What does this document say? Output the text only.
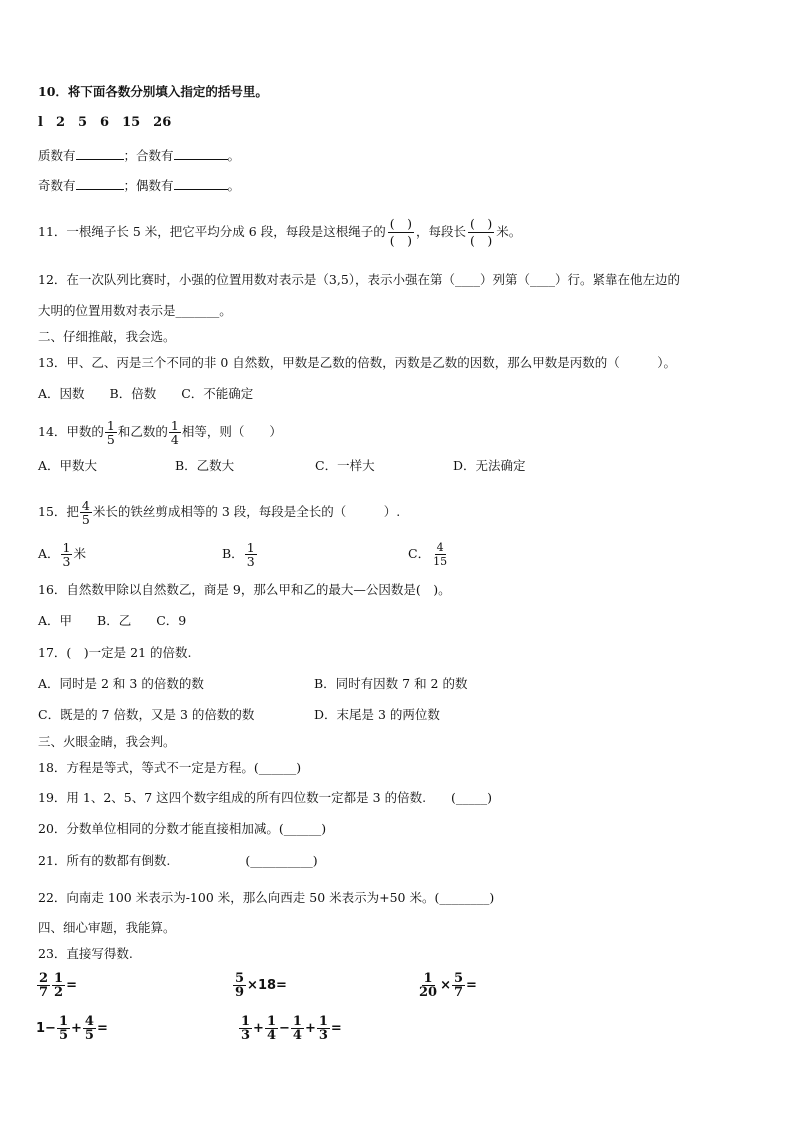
10．将下面各数分别填入指定的括号里。
l　2　5　6　15　26
质数有	；合数有	。
奇数有	；偶数有	。
11．一根绳子长 5 米，把它平均分成 6 段，每段是这根绳子的
(　)
(　)
，每段长
(　)
(　)
米。
12．在一次队列比赛时，小强的位置用数对表示是（3,5），表示小强在第（____）列第（____）行。紧靠在他左边的
大明的位置用数对表示是_______。
二、仔细推敲，我会选。
13．甲、乙、丙是三个不同的非 0 自然数，甲数是乙数的倍数，丙数是乙数的因数，那么甲数是丙数的（　　　）。
A．因数　　B．倍数　　C．不能确定
14．甲数的 $\frac{1}{5}$ 和乙数的 $\frac{1}{4}$ 相等，则（　　）
A．甲数大	B．乙数大	C．一样大	D．无法确定
15．把 $\frac{4}{5}$ 米长的铁丝剪成相等的 3 段，每段是全长的（　　　）.
A． $\frac{1}{3}$ 米	B． $\frac{1}{3}$	C． $\frac{4}{15}$
16．自然数甲除以自然数乙，商是 9，那么甲和乙的最大—公因数是(　)。
A．甲　　B．乙　　C．9
17．(　)一定是 21 的倍数.
A．同时是 2 和 3 的倍数的数	B．同时有因数 7 和 2 的数
C．既是的 7 倍数，又是 3 的倍数的数	D．末尾是 3 的两位数
三、火眼金睛，我会判。
18．方程是等式，等式不一定是方程。(______)
19．用 1、2、5、7 这四个数字组成的所有四位数一定都是 3 的倍数.　　(_____)
20．分数单位相同的分数才能直接相加减。(______)
21．所有的数都有倒数.　　　　　　(__________)
22．向南走 100 米表示为-100 米，那么向西走 50 米表示为+50 米。(________)
四、细心审题，我能算。
23．直接写得数.
$\frac{2}{7} \frac{1}{2}$ =	$\frac{5}{9} \times 18=$	$\frac{1}{20} \times \frac{5}{7}$ =
$1- \frac{1}{5} + \frac{4}{5}$ =	$\frac{1}{3} + \frac{1}{4} - \frac{1}{4} + \frac{1}{3}$ =
